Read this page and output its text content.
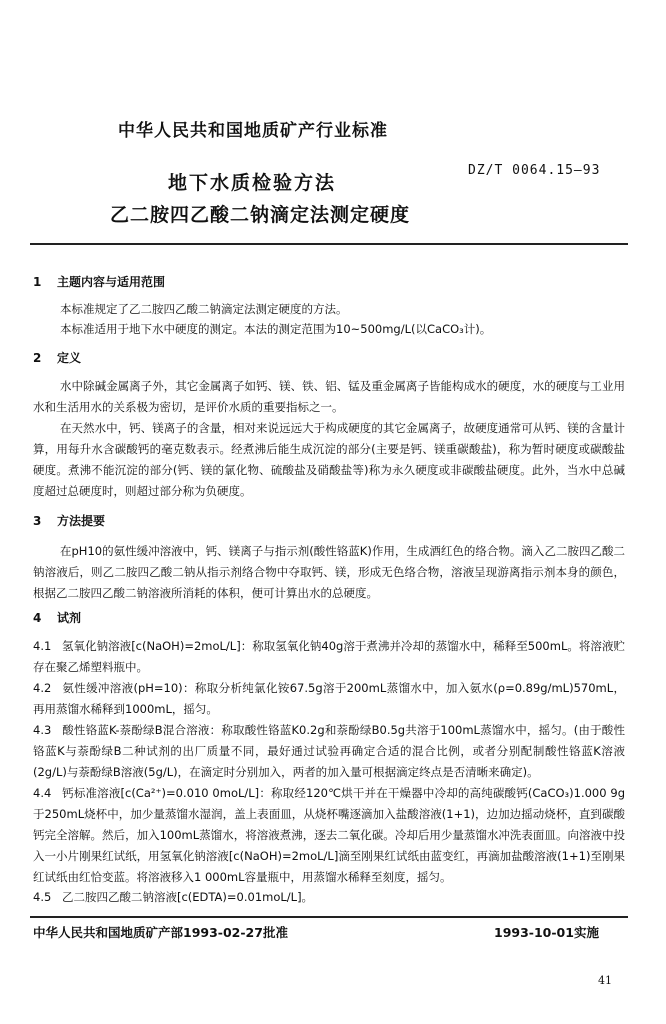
中华人民共和国地质矿产行业标准
DZ/T 0064.15—93
地下水质检验方法
乙二胺四乙酸二钠滴定法测定硬度
1 主题内容与适用范围
本标准规定了乙二胺四乙酸二钠滴定法测定硬度的方法。
本标准适用于地下水中硬度的测定。本法的测定范围为10~500mg/L(以CaCO₃计)。
2 定义
水中除碱金属离子外，其它金属离子如钙、镁、铁、铝、锰及重金属离子皆能构成水的硬度，水的硬度与工业用水和生活用水的关系极为密切，是评价水质的重要指标之一。
在天然水中，钙、镁离子的含量，相对来说远远大于构成硬度的其它金属离子，故硬度通常可从钙、镁的含量计算，用每升水含碳酸钙的毫克数表示。经煮沸后能生成沉淀的部分(主要是钙、镁重碳酸盐)，称为暂时硬度或碳酸盐硬度。煮沸不能沉淀的部分(钙、镁的氯化物、硫酸盐及硝酸盐等)称为永久硬度或非碳酸盐硬度。此外，当水中总碱度超过总硬度时，则超过部分称为负硬度。
3 方法提要
在pH10的氨性缓冲溶液中，钙、镁离子与指示剂(酸性铬蓝K)作用，生成酒红色的络合物。滴入乙二胺四乙酸二钠溶液后，则乙二胺四乙酸二钠从指示剂络合物中夺取钙、镁，形成无色络合物，溶液呈现游离指示剂本身的颜色，根据乙二胺四乙酸二钠溶液所消耗的体积，便可计算出水的总硬度。
4 试剂
4.1 氢氧化钠溶液[c(NaOH)=2moL/L]：称取氢氧化钠40g溶于煮沸并冷却的蒸馏水中，稀释至500mL。将溶液贮存在聚乙烯塑料瓶中。
4.2 氨性缓冲溶液(pH=10)：称取分析纯氯化铵67.5g溶于200mL蒸馏水中，加入氨水(ρ=0.89g/mL)570mL，再用蒸馏水稀释到1000mL，摇匀。
4.3 酸性铬蓝K-萘酚绿B混合溶液：称取酸性铬蓝K0.2g和萘酚绿B0.5g共溶于100mL蒸馏水中，摇匀。(由于酸性铬蓝K与萘酚绿B二种试剂的出厂质量不同，最好通过试验再确定合适的混合比例，或者分别配制酸性铬蓝K溶液(2g/L)与萘酚绿B溶液(5g/L)，在滴定时分别加入，两者的加入量可根据滴定终点是否清晰来确定)。
4.4 钙标准溶液[c(Ca²⁺)=0.010 0moL/L]：称取经120℃烘干并在干燥器中冷却的高纯碳酸钙(CaCO₃)1.000 9g于250mL烧杯中，加少量蒸馏水湿润，盖上表面皿，从烧杯嘴逐滴加入盐酸溶液(1+1)，边加边摇动烧杯，直到碳酸钙完全溶解。然后，加入100mL蒸馏水，将溶液煮沸，逐去二氧化碳。冷却后用少量蒸馏水冲洗表面皿。向溶液中投入一小片刚果红试纸，用氢氧化钠溶液[c(NaOH)=2moL/L]滴至刚果红试纸由蓝变红，再滴加盐酸溶液(1+1)至刚果红试纸由红恰变蓝。将溶液移入1 000mL容量瓶中，用蒸馏水稀释至刻度，摇匀。
4.5 乙二胺四乙酸二钠溶液[c(EDTA)=0.01moL/L]。
中华人民共和国地质矿产部1993-02-27批准	1993-10-01实施
41
